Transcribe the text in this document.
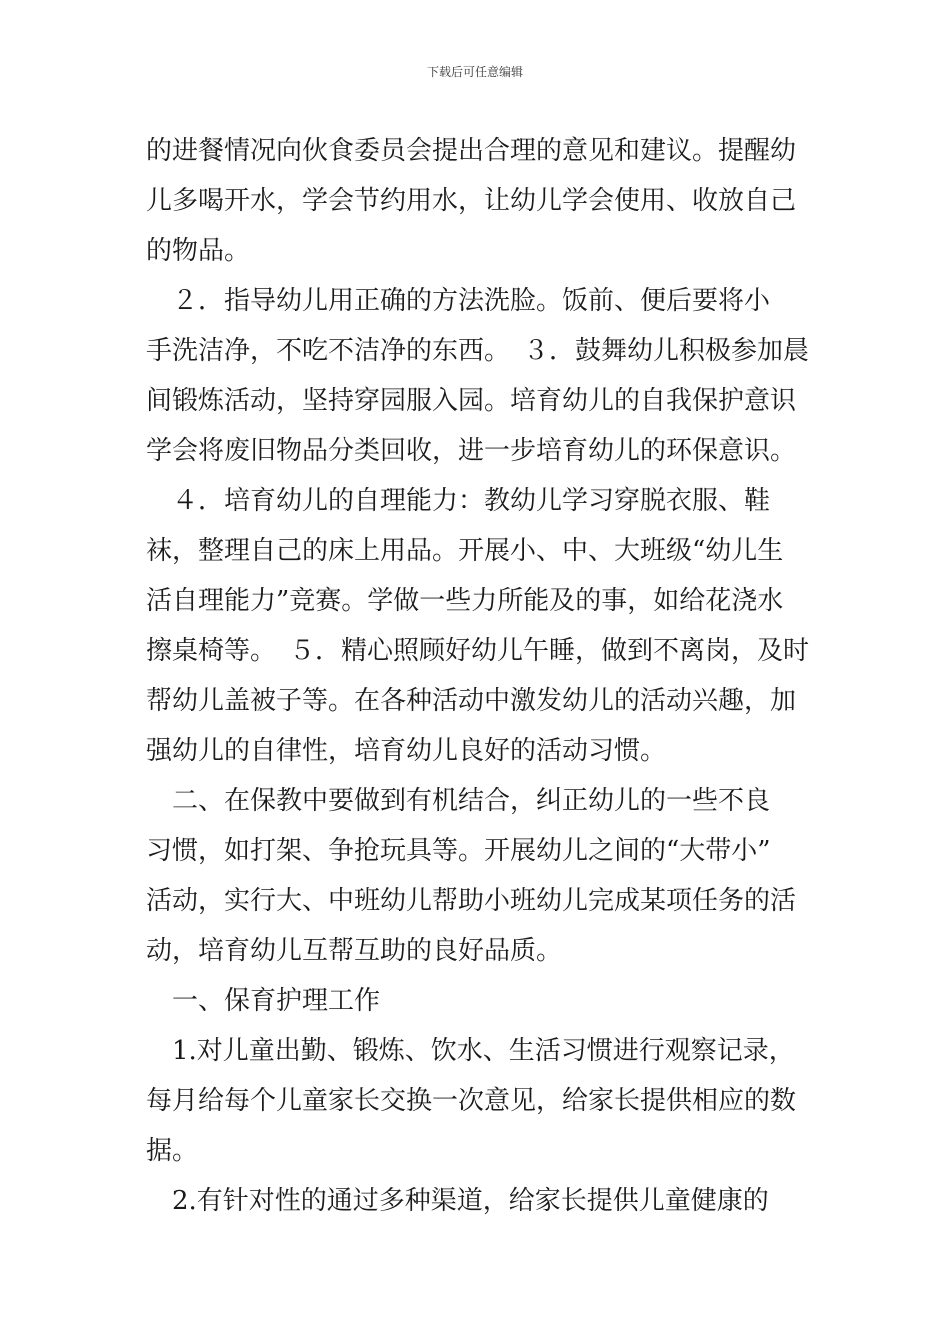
下载后可任意编辑
的进餐情况向伙食委员会提出合理的意见和建议。提醒幼
儿多喝开水，学会节约用水，让幼儿学会使用、收放自己
的物品。
　２．指导幼儿用正确的方法洗脸。饭前、便后要将小
手洗洁净，不吃不洁净的东西。　３．鼓舞幼儿积极参加晨
间锻炼活动，坚持穿园服入园。培育幼儿的自我保护意识
学会将废旧物品分类回收，进一步培育幼儿的环保意识。
　４．培育幼儿的自理能力：教幼儿学习穿脱衣服、鞋
袜，整理自己的床上用品。开展小、中、大班级“幼儿生
活自理能力”竞赛。学做一些力所能及的事，如给花浇水
擦桌椅等。　５．精心照顾好幼儿午睡，做到不离岗，及时
帮幼儿盖被子等。在各种活动中激发幼儿的活动兴趣，加
强幼儿的自律性，培育幼儿良好的活动习惯。
　二、在保教中要做到有机结合，纠正幼儿的一些不良
习惯，如打架、争抢玩具等。开展幼儿之间的“大带小”
活动，实行大、中班幼儿帮助小班幼儿完成某项任务的活
动，培育幼儿互帮互助的良好品质。
　一、保育护理工作
　1.对儿童出勤、锻炼、饮水、生活习惯进行观察记录，
每月给每个儿童家长交换一次意见，给家长提供相应的数
据。
　2.有针对性的通过多种渠道，给家长提供儿童健康的
